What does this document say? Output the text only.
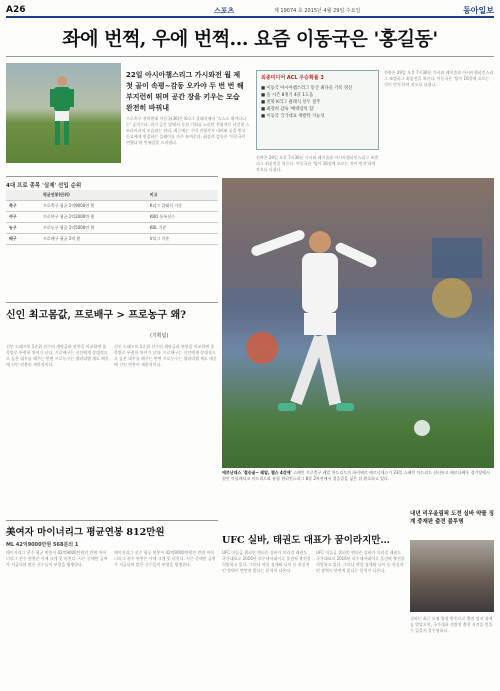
A26	스포츠	제 19074 호 2015년 4월 29일 수요일	동아일보
좌에 번쩍, 우에 번쩍… 요즘 이동국은 '홍길동'
22일 아시아챔스리그 가시와전 월 제 첫 골이 속평~감동 오카야 두 번 번 해 부지런히 뛰며 공간 장을 키우는 모습 완전히 바꿔내
프로축구 전북현대 이동국(36)은 K리그 클래식에서 '스스로 뛰어다니는' 공격수다. 과거 골문 앞에서 득점 기회를 노리던 전형적인 타깃형 스트라이커의 모습과는 달리, 최근에는 수비 진영까지 내려와 공을 받고 동료에게 연결하는 플레이를 자주 보여준다. 최강희 감독은 '이동국이 변했다'며 만족감을 드러냈다.
전북은 29일 오후 7시30분 가시와 레이솔과 아시아챔피언스리그 조별리그 최종전을 치른다. 이동국은 '팀이 16강에 오르는 것이 먼저'라며 각오를 다졌다.
최종미디어 ACL 우승확률 3
■ 이동국 아시아챔스리그 통산 최다골 기록 경신
■ 올 시즌 8경기 4골 1도움
■ 전북 K리그 클래식 선두 질주
■ 최강희 감독 '베테랑의 힘'
■ 이동국 국가대표 재발탁 가능성
전북은 29일 오후 7시30분 가시와 레이솔과 아시아챔피언스리그 조별리그 최종전을 치른다. 이동국은 '팀이 16강에 오르는 것이 먼저'라며 각오를 다졌다.
4대 프로 종목 '실제' 선입 순위
	평균연봉(단위)	비고
축구	프로축구 평균 1억9000만 원	K리그 클래식 기준
야구	프로야구 평균 1억2000만 원	KBO 등록선수
농구	프로농구 평균 1억5000만 원	KBL 기준
배구	프로배구 평균 1억 원	V리그 기준
신인 최고몸값, 프로배구 > 프로농구 왜?
(기획팀)
신인 드래프트 1순위 선수의 계약금과 연봉을 비교하면 종목별로 뚜렷한 차이가 난다. 프로배구는 신인에게 상대적으로 높은 대우를 해주는 반면 프로농구는 샐러리캡 제도 때문에 신인 연봉이 제한적이다.
신인 드래프트 1순위 선수의 계약금과 연봉을 비교하면 종목별로 뚜렷한 차이가 난다. 프로배구는 신인에게 상대적으로 높은 대우를 해주는 반면 프로농구는 샐러리캡 제도 때문에 신인 연봉이 제한적이다.
에르난데스 '결승골~ 레알, 챔스 4강에' 스페인 프로축구 레알 마드리드의 하비에르 에르난데스가 23일 스페인 마드리드 산티아고 베르나베우 경기장에서 열린 아틀레티코 마드리드와 유럽 챔피언스리그 8강 2차전에서 결승골을 넣은 뒤 환호하고 있다.
美여자 마이너리그 평균연봉 812만원
ML 42억9000만원 568분의 1
메이저리그 선수 평균 연봉이 42억9000만원인 반면 마이너리그 선수 연봉은 이에 크게 못 미친다. 시즌 중에만 급여가 지급되며 많은 선수들이 부업을 병행한다.
메이저리그 선수 평균 연봉이 42억9000만원인 반면 마이너리그 선수 연봉은 이에 크게 못 미친다. 시즌 중에만 급여가 지급되며 많은 선수들이 부업을 병행한다.
UFC 실바, 태권도 대표가 꿈이라지만…
UFC 미들급 챔피언 앤더슨 실바가 브라질 태권도 국가대표로 2016년 리우데자네이루 올림픽 출전을 희망하고 있다. 그러나 약물 징계와 나이 등 현실적인 장벽이 만만치 않다는 분석이 나온다.
UFC 미들급 챔피언 앤더슨 실바가 브라질 태권도 국가대표로 2016년 리우데자네이루 올림픽 출전을 희망하고 있다. 그러나 약물 징계와 나이 등 현실적인 장벽이 만만치 않다는 분석이 나온다.
내년 리우올림픽 도전 실바 약물 징계 중재판 출전 불투명
실바는 최근 도핑 양성 반응으로 출전 정지 징계를 받았으며, 국가대표 선발전 출전 자격을 얻을 수 있을지 불투명하다.
